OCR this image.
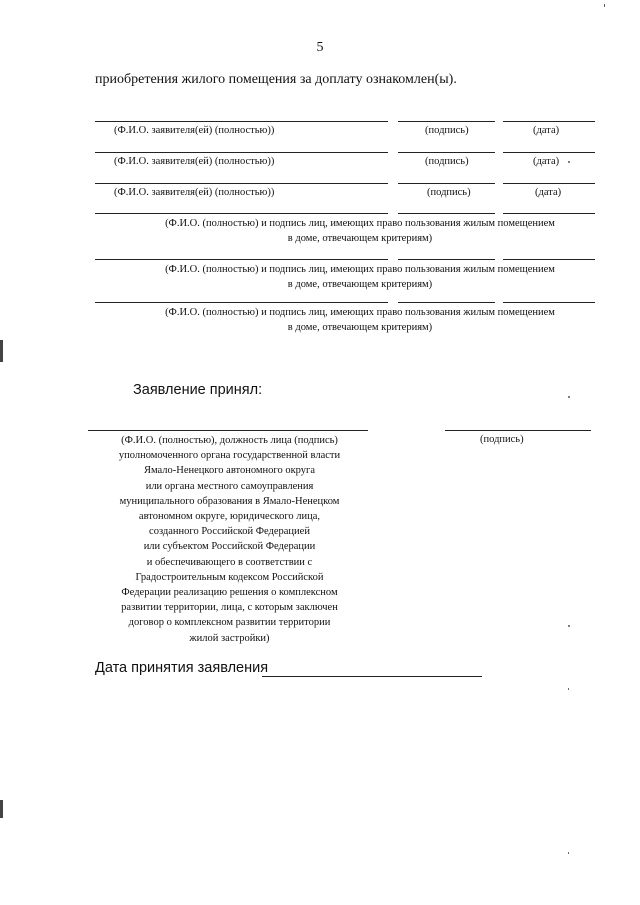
5
приобретения жилого помещения за доплату ознакомлен(ы).
(Ф.И.О. заявителя(ей) (полностью))	(подпись)	(дата)
(Ф.И.О. заявителя(ей) (полностью))	(подпись)	(дата)
(Ф.И.О. заявителя(ей) (полностью))	(подпись)	(дата)
(Ф.И.О. (полностью) и подпись лиц, имеющих право пользования жилым помещением
в доме, отвечающем критериям)
(Ф.И.О. (полностью) и подпись лиц, имеющих право пользования жилым помещением
в доме, отвечающем критериям)
(Ф.И.О. (полностью) и подпись лиц, имеющих право пользования жилым помещением
в доме, отвечающем критериям)
Заявление принял:
(Ф.И.О. (полностью), должность лица (подпись)
уполномоченного органа государственной власти
Ямало-Ненецкого автономного округа
или органа местного самоуправления
муниципального образования в Ямало-Ненецком
автономном округе, юридического лица,
созданного Российской Федерацией
или субъектом Российской Федерации
и обеспечивающего в соответствии с
Градостроительным кодексом Российской
Федерации реализацию решения о комплексном
развитии территории, лица, с которым заключен
договор о комплексном развитии территории
жилой застройки)
(подпись)
Дата принятия заявления
